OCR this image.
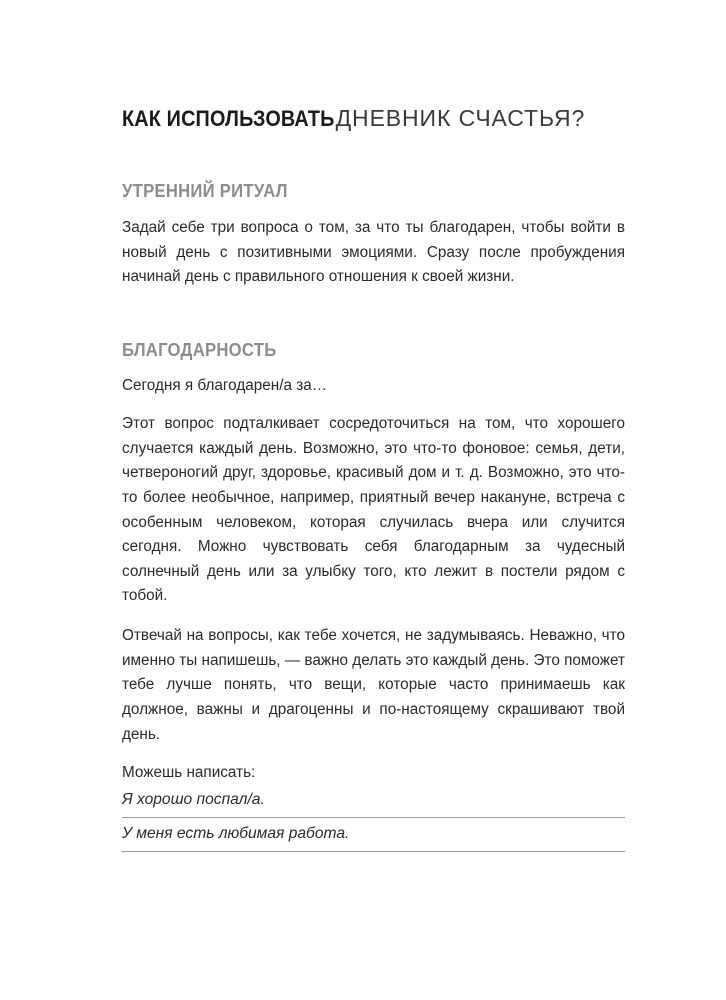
КАК ИСПОЛЬЗОВАТЬДНЕВНИК СЧАСТЬЯ?
УТРЕННИЙ РИТУАЛ

Задай себе три вопроса о том, за что ты благодарен, чтобы войти в новый день с позитивными эмоциями. Сразу после пробуждения начинай день с правильного отношения к своей жизни.

БЛАГОДАРНОСТЬ

Сегодня я благодарен/а за…

Этот вопрос подталкивает сосредоточиться на том, что хорошего случается каждый день. Возможно, это что-то фоновое: семья, дети, четвероногий друг, здоровье, красивый дом и т. д. Возможно, это что-то более необычное, например, приятный вечер накануне, встреча с особенным человеком, которая случилась вчера или случится сегодня. Можно чувствовать себя благодарным за чудесный солнечный день или за улыбку того, кто лежит в постели рядом с тобой.

Отвечай на вопросы, как тебе хочется, не задумываясь. Неважно, что именно ты напишешь, — важно делать это каждый день. Это поможет тебе лучше понять, что вещи, которые часто принимаешь как должное, важны и драгоценны и по-настоящему скрашивают твой день.

Можешь написать:

Я хорошо поспал/а.
У меня есть любимая работа.
